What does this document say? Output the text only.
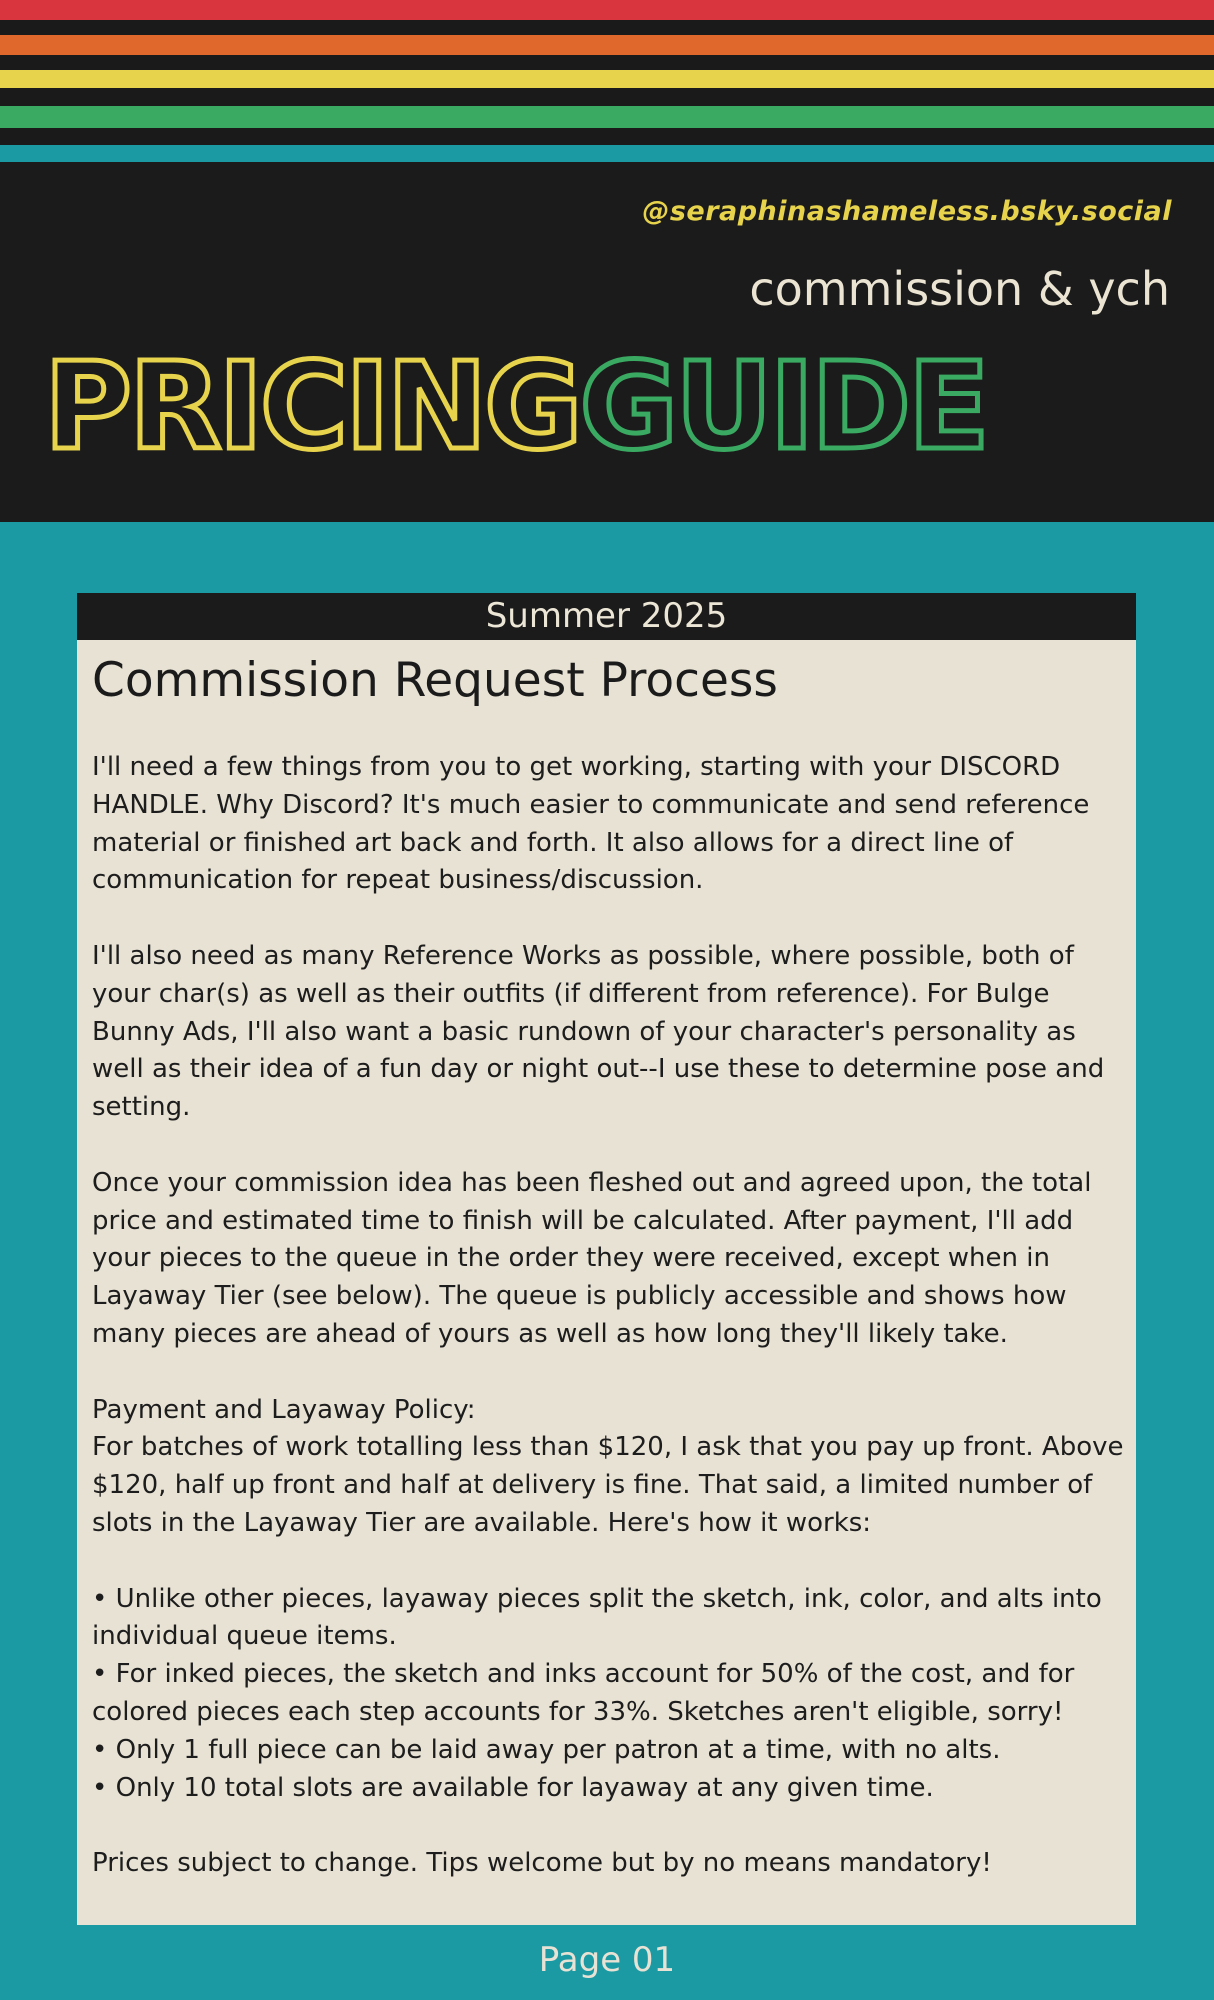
@seraphinashameless.bsky.social
commission & ych
PRICINGGUIDE
Summer 2025
Commission Request Process

I'll need a few things from you to get working, starting with your DISCORD HANDLE. Why Discord? It's much easier to communicate and send reference material or finished art back and forth. It also allows for a direct line of communication for repeat business/discussion.

I'll also need as many Reference Works as possible, where possible, both of your char(s) as well as their outfits (if different from reference). For Bulge Bunny Ads, I'll also want a basic rundown of your character's personality as well as their idea of a fun day or night out--I use these to determine pose and setting.

Once your commission idea has been fleshed out and agreed upon, the total price and estimated time to finish will be calculated. After payment, I'll add your pieces to the queue in the order they were received, except when in Layaway Tier (see below). The queue is publicly accessible and shows how many pieces are ahead of yours as well as how long they'll likely take.

Payment and Layaway Policy:

For batches of work totalling less than $120, I ask that you pay up front. Above $120, half up front and half at delivery is fine. That said, a limited number of slots in the Layaway Tier are available. Here's how it works:

• Unlike other pieces, layaway pieces split the sketch, ink, color, and alts into individual queue items.
• For inked pieces, the sketch and inks account for 50% of the cost, and for colored pieces each step accounts for 33%. Sketches aren't eligible, sorry!
• Only 1 full piece can be laid away per patron at a time, with no alts.
• Only 10 total slots are available for layaway at any given time.

Prices subject to change. Tips welcome but by no means mandatory!

Page 01
